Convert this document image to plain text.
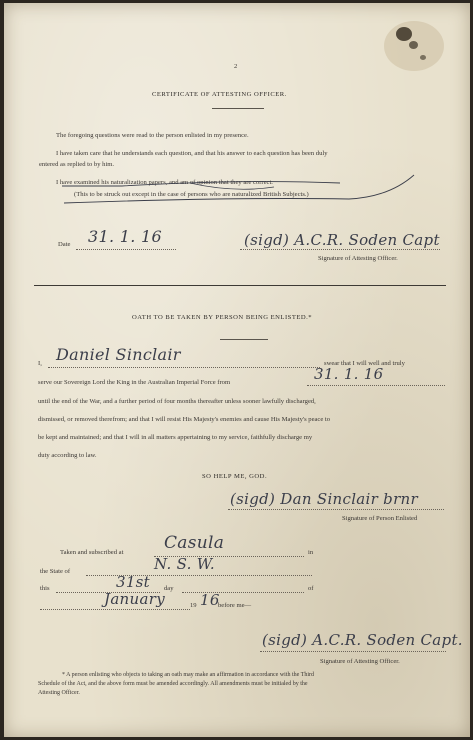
2
CERTIFICATE OF ATTESTING OFFICER.
The foregoing questions were read to the person enlisted in my presence.
I have taken care that he understands each question, and that his answer to each question has been duly
entered as replied to by him.
I have examined his naturalization papers, and am of opinion that they are correct.
(This to be struck out except in the case of persons who are naturalized British Subjects.)
Date 31. 1. 16	(sigd) A.C.R. Soden Capt
Signature of Attesting Officer.
OATH TO BE TAKEN BY PERSON BEING ENLISTED.*
I, Daniel Sinclair	swear that I will well and truly
serve our Sovereign Lord the King in the Australian Imperial Force from	31. 1. 16
until the end of the War, and a further period of four months thereafter unless sooner lawfully discharged,
dismissed, or removed therefrom; and that I will resist His Majesty's enemies and cause His Majesty's peace to
be kept and maintained; and that I will in all matters appertaining to my service, faithfully discharge my
duty according to law.
SO HELP ME, GOD.
(sigd) Dan Sinclair brnr
Signature of Person Enlisted
Taken and subscribed at Casula	in
the State of	N. S. W.
this	31st day	of
January	19 16
before me—
(sigd) A.C.R. Soden Capt.
Signature of Attesting Officer.
* A person enlisting who objects to taking an oath may make an affirmation in accordance with the Third
Schedule of the Act, and the above form must be amended accordingly. All amendments must be initialed by the
Attesting Officer.
